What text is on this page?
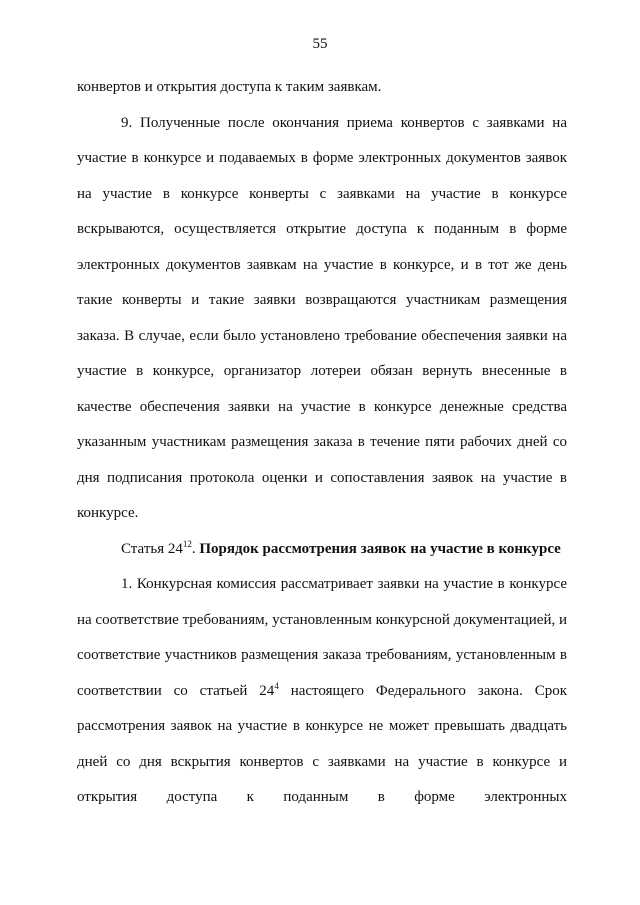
55

конвертов и открытия доступа к таким заявкам.

9. Полученные после окончания приема конвертов с заявками на участие в конкурсе и подаваемых в форме электронных документов заявок на участие в конкурсе конверты с заявками на участие в конкурсе вскрываются, осуществляется открытие доступа к поданным в форме электронных документов заявкам на участие в конкурсе, и в тот же день такие конверты и такие заявки возвращаются участникам размещения заказа. В случае, если было установлено требование обеспечения заявки на участие в конкурсе, организатор лотереи обязан вернуть внесенные в качестве обеспечения заявки на участие в конкурсе денежные средства указанным участникам размещения заказа в течение пяти рабочих дней со дня подписания протокола оценки и сопоставления заявок на участие в конкурсе.

Статья $24^{12}$. Порядок рассмотрения заявок на участие в конкурсе

1. Конкурсная комиссия рассматривает заявки на участие в конкурсе на соответствие требованиям, установленным конкурсной документацией, и соответствие участников размещения заказа требованиям, установленным в соответствии со статьей $24^4$ настоящего Федерального закона. Срок рассмотрения заявок на участие в конкурсе не может превышать двадцать дней со дня вскрытия конвертов с заявками на участие в конкурсе и открытия доступа к поданным в форме электронных
